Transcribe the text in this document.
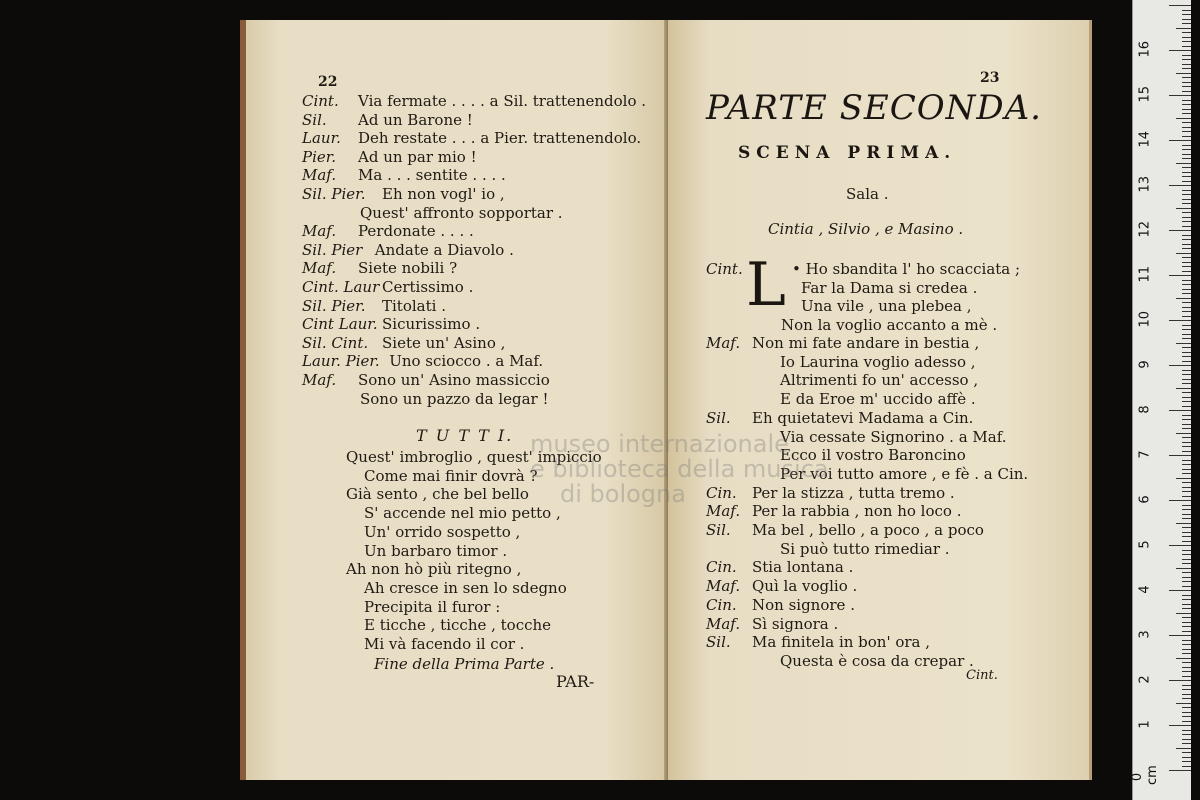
22
Cint. Via fermate . . . . a Sil. trattenendolo .
Sil. Ad un Barone !
Laur. Deh restate . . . a Pier. trattenendolo.
Pier. Ad un par mio !
Maf. Ma . . . sentite . . . .
Sil. Pier. Eh non vogl' io ,
Quest' affronto sopportar .
Maf. Perdonate . . . .
Sil. Pier Andate a Diavolo .
Maf. Siete nobili ?
Cint. Laur Certissimo .
Sil. Pier. Titolati .
Cint Laur. Sicurissimo .
Sil. Cint. Siete un' Asino ,
Laur. Pier. Uno sciocco . a Maf.
Maf. Sono un' Asino massiccio
Sono un pazzo da legar !
T U T T I.
Quest' imbroglio , quest' impiccio
Come mai finir dovrà ?
Già sento , che bel bello
S' accende nel mio petto ,
Un' orrido sospetto ,
Un barbaro timor .
Ah non hò più ritegno ,
Ah cresce in sen lo sdegno
Precipita il furor :
E ticche , ticche , tocche
Mi và facendo il cor .
Fine della Prima Parte .
PAR-
23
PARTE SECONDA.
SCENA PRIMA.
Sala .
Cintia , Silvio , e Masino .
Cint. L • Ho sbandita l' ho scacciata ;
Far la Dama si credea .
Una vile , una plebea ,
Non la voglio accanto a mè .
Maf. Non mi fate andare in bestia ,
Io Laurina voglio adesso ,
Altrimenti fo un' accesso ,
E da Eroe m' uccido affè .
Sil. Eh quietatevi Madama a Cin.
Via cessate Signorino . a Maf.
Ecco il vostro Baroncino
Per voi tutto amore , e fè . a Cin.
Cin. Per la stizza , tutta tremo .
Maf. Per la rabbia , non ho loco .
Sil. Ma bel , bello , a poco , a poco
Si può tutto rimediar .
Cin. Stia lontana .
Maf. Quì la voglio .
Cin. Non signore .
Maf. Sì signora .
Sil. Ma finitela in bon' ora ,
Questa è cosa da crepar .
Cint.
museo internazionale
e biblioteca della musica
di bologna
16
15
14
13
12
11
10
9
8
7
6
5
4
3
2
1
0 cm
